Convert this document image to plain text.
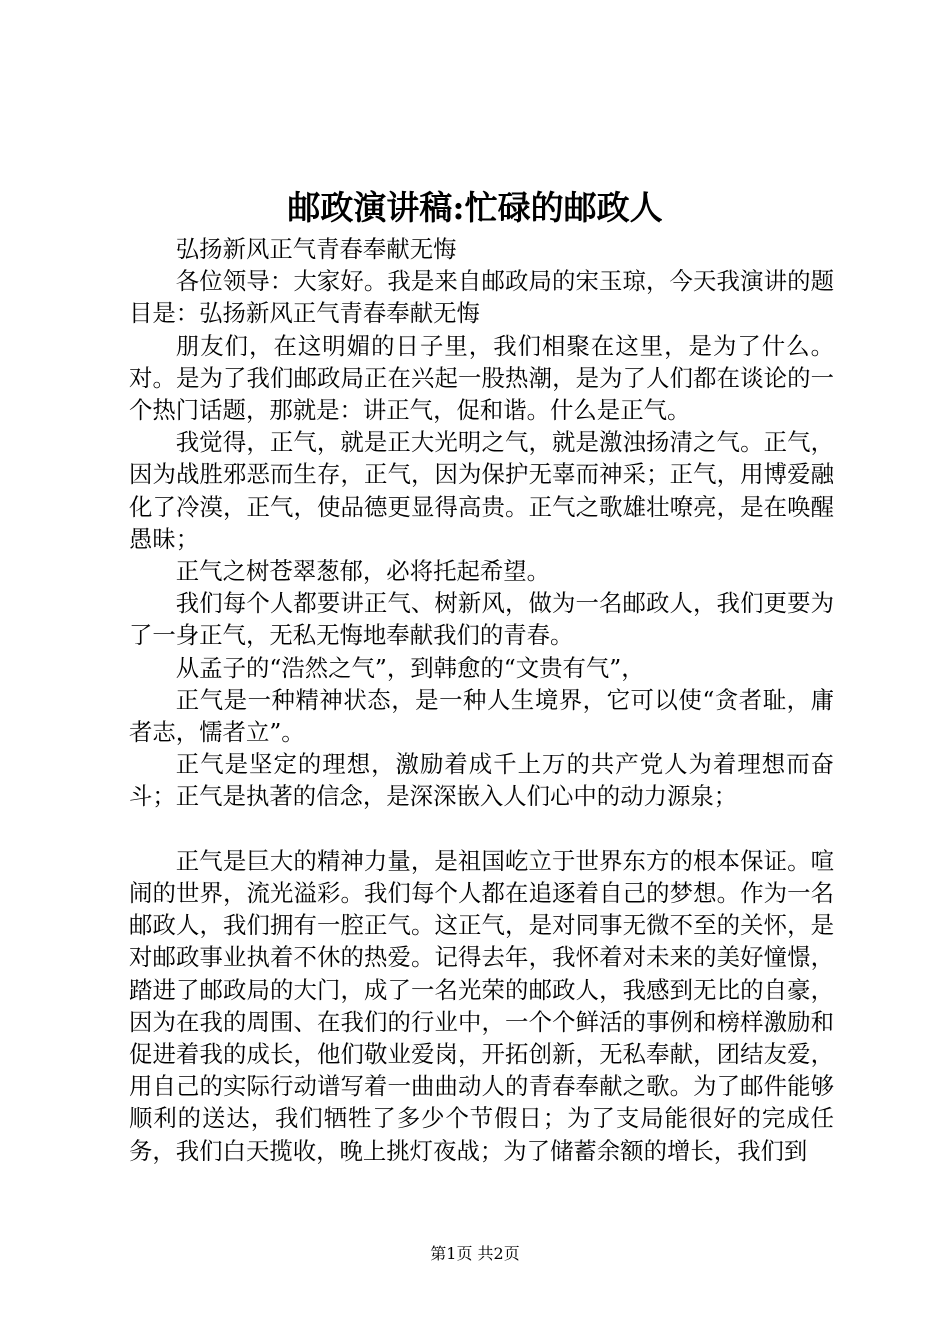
邮政演讲稿:忙碌的邮政人

弘扬新风正气青春奉献无悔

各位领导：大家好。我是来自邮政局的宋玉琼，今天我演讲的题目是：弘扬新风正气青春奉献无悔

朋友们，在这明媚的日子里，我们相聚在这里，是为了什么。对。是为了我们邮政局正在兴起一股热潮，是为了人们都在谈论的一个热门话题，那就是：讲正气，促和谐。什么是正气。

我觉得，正气，就是正大光明之气，就是激浊扬清之气。正气，因为战胜邪恶而生存，正气，因为保护无辜而神采；正气，用博爱融化了冷漠，正气，使品德更显得高贵。正气之歌雄壮嘹亮，是在唤醒愚昧；

正气之树苍翠葱郁，必将托起希望。

我们每个人都要讲正气、树新风，做为一名邮政人，我们更要为了一身正气，无私无悔地奉献我们的青春。

从孟子的“浩然之气”，到韩愈的“文贵有气”，

正气是一种精神状态，是一种人生境界，它可以使“贪者耻，庸者志，懦者立”。

正气是坚定的理想，激励着成千上万的共产党人为着理想而奋斗；正气是执著的信念，是深深嵌入人们心中的动力源泉；

正气是巨大的精神力量，是祖国屹立于世界东方的根本保证。喧闹的世界，流光溢彩。我们每个人都在追逐着自己的梦想。作为一名邮政人，我们拥有一腔正气。这正气，是对同事无微不至的关怀，是对邮政事业执着不休的热爱。记得去年，我怀着对未来的美好憧憬，踏进了邮政局的大门，成了一名光荣的邮政人，我感到无比的自豪，因为在我的周围、在我们的行业中，一个个鲜活的事例和榜样激励和促进着我的成长，他们敬业爱岗，开拓创新，无私奉献，团结友爱，用自己的实际行动谱写着一曲曲动人的青春奉献之歌。为了邮件能够顺利的送达，我们牺牲了多少个节假日；为了支局能很好的完成任务，我们白天揽收，晚上挑灯夜战；为了储蓄余额的增长，我们到

第1页 共2页
